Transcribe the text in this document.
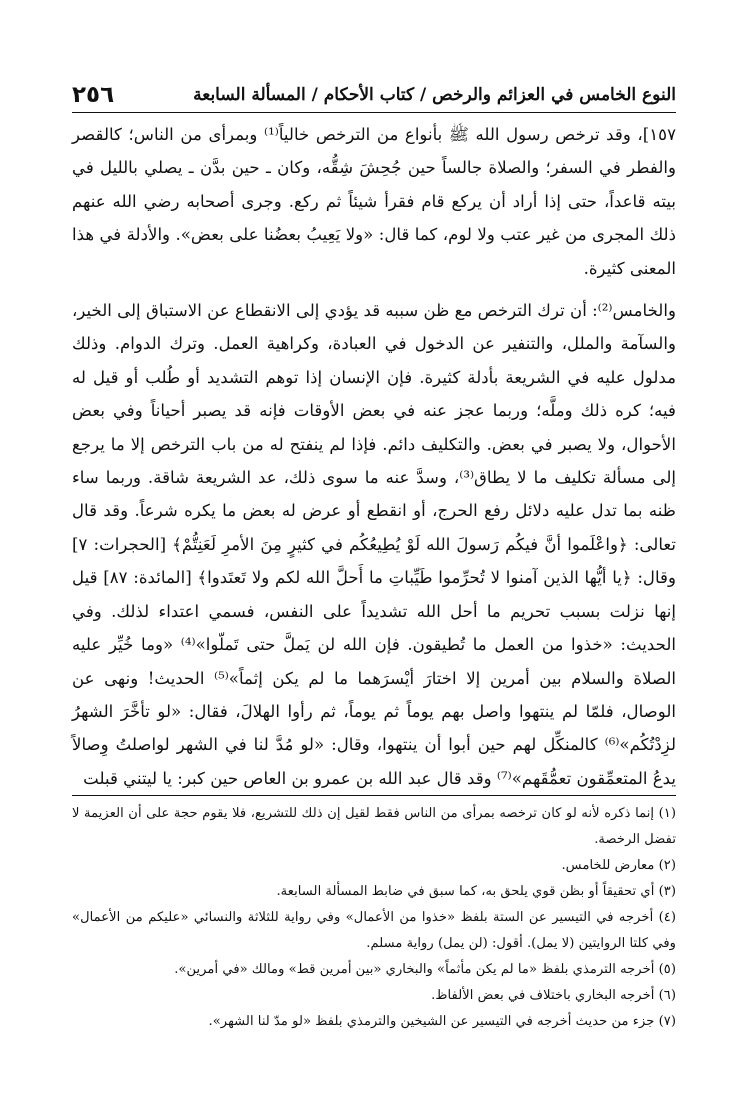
النوع الخامس في العزائم والرخص / كتاب الأحكام / المسألة السابعة
٢٥٦

١٥٧]، وقد ترخص رسول الله ﷺ بأنواع من الترخص خالياً⁽¹⁾ وبمرأى من الناس؛ كالقصر والفطر في السفر؛ والصلاة جالساً حين جُحِشَ شِقُّه، وكان ـ حين بدَّن ـ يصلي بالليل في بيته قاعداً، حتى إذا أراد أن يركع قام فقرأ شيئاً ثم ركع. وجرى أصحابه رضي الله عنهم ذلك المجرى من غير عتب ولا لوم، كما قال: «ولا يَعِيبُ بعضُنا على بعض». والأدلة في هذا المعنى كثيرة.

والخامس⁽²⁾: أن ترك الترخص مع ظن سببه قد يؤدي إلى الانقطاع عن الاستباق إلى الخير، والسآمة والملل، والتنفير عن الدخول في العبادة، وكراهية العمل. وترك الدوام. وذلك مدلول عليه في الشريعة بأدلة كثيرة. فإن الإنسان إذا توهم التشديد أو طُلب أو قيل له فيه؛ كره ذلك وملَّه؛ وربما عجز عنه في بعض الأوقات فإنه قد يصبر أحياناً وفي بعض الأحوال، ولا يصبر في بعض. والتكليف دائم. فإذا لم ينفتح له من باب الترخص إلا ما يرجع إلى مسألة تكليف ما لا يطاق⁽³⁾، وسدَّ عنه ما سوى ذلك، عد الشريعة شاقة. وربما ساء ظنه بما تدل عليه دلائل رفع الحرج، أو انقطع أو عرض له بعض ما يكره شرعاً. وقد قال تعالى: ﴿واعْلَموا أنَّ فيكُم رَسولَ الله لَوْ يُطِيعُكُم في كثيرٍ مِنَ الأمرِ لَعَنِتُّمْ﴾ [الحجرات: ٧] وقال: ﴿يا أيُّها الذين آمنوا لا تُحرِّموا طَيِّباتِ ما أَحلَّ الله لكم ولا تَعتَدوا﴾ [المائدة: ٨٧] قيل إنها نزلت بسبب تحريم ما أحل الله تشديداً على النفس، فسمي اعتداء لذلك. وفي الحديث: «خذوا من العمل ما تُطيقون. فإن الله لن يَملَّ حتى تَملّوا»⁽⁴⁾ «وما خُيِّر عليه الصلاة والسلام بين أمرين إلا اختارَ أيْسرَهما ما لم يكن إثماً»⁽⁵⁾ الحديث! ونهى عن الوصال، فلمّا لم ينتهوا واصل بهم يوماً ثم يوماً، ثم رأوا الهلالَ، فقال: «لو تأخَّرَ الشهرُ لزِدْتُكُم»⁽⁶⁾ كالمنكِّل لهم حين أبوا أن ينتهوا، وقال: «لو مُدَّ لنا في الشهر لواصلتُ وِصالاً يدعُ المتعمِّقون تعمُّقَهم»⁽⁷⁾ وقد قال عبد الله بن عمرو بن العاص حين كبر: يا ليتني قبلت

(١) إنما ذكره لأنه لو كان ترخصه بمرأى من الناس فقط لقيل إن ذلك للتشريع، فلا يقوم حجة على أن العزيمة لا تفضل الرخصة.
(٢) معارض للخامس.
(٣) أي تحقيقاً أو بظن قوي يلحق به، كما سبق في ضابط المسألة السابعة.
(٤) أخرجه في التيسير عن الستة بلفظ «خذوا من الأعمال» وفي رواية للثلاثة والنسائي «عليكم من الأعمال» وفي كلتا الروايتين (لا يمل). أقول: (لن يمل) رواية مسلم.
(٥) أخرجه الترمذي بلفظ «ما لم يكن مأثماً» والبخاري «بين أمرين قط» ومالك «في أمرين».
(٦) أخرجه البخاري باختلاف في بعض الألفاظ.
(٧) جزء من حديث أخرجه في التيسير عن الشيخين والترمذي بلفظ «لو مدّ لنا الشهر».
